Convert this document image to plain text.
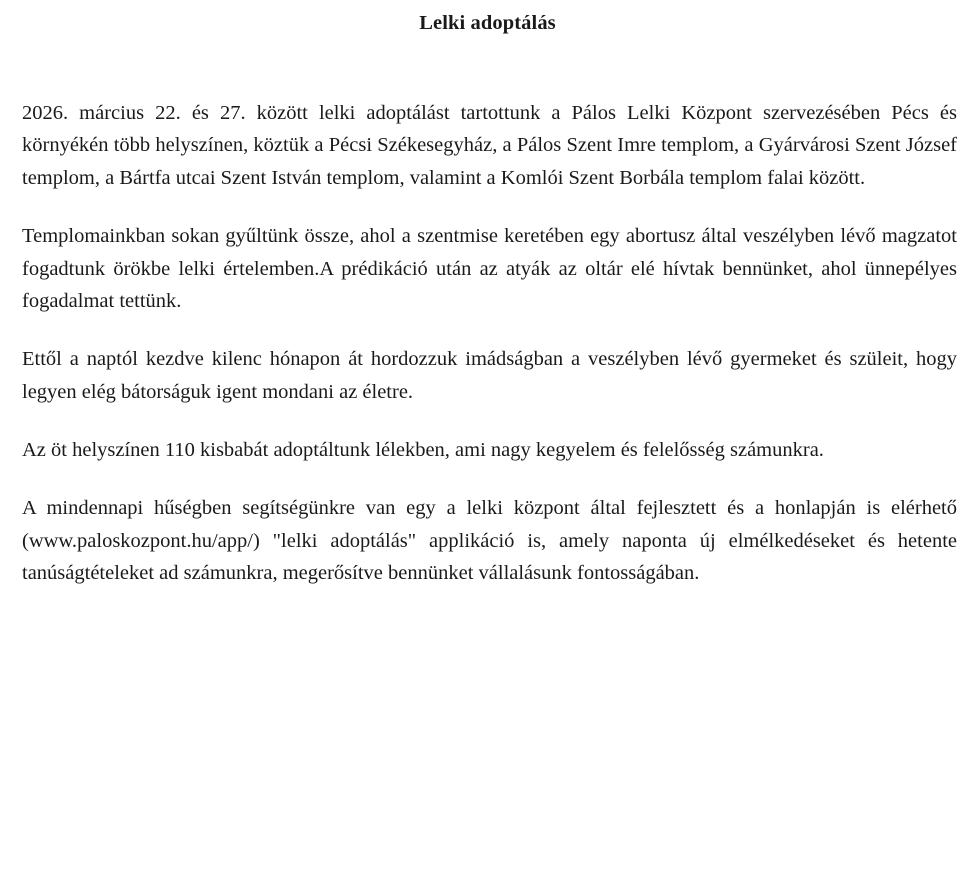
Lelki adoptálás

2026. március 22. és 27. között lelki adoptálást tartottunk a Pálos Lelki Központ szervezésében Pécs és környékén több helyszínen, köztük a Pécsi Székesegyház, a Pálos Szent Imre templom, a Gyárvárosi Szent József templom, a Bártfa utcai Szent István templom, valamint a Komlói Szent Borbála templom falai között.

Templomainkban sokan gyűltünk össze, ahol a szentmise keretében egy abortusz által veszélyben lévő magzatot fogadtunk örökbe lelki értelemben.A prédikáció után az atyák az oltár elé hívtak bennünket, ahol ünnepélyes fogadalmat tettünk.

Ettől a naptól kezdve kilenc hónapon át hordozzuk imádságban a veszélyben lévő gyermeket és szüleit, hogy legyen elég bátorságuk igent mondani az életre.

Az öt helyszínen 110 kisbabát adoptáltunk lélekben, ami nagy kegyelem és felelősség számunkra.

A mindennapi hűségben segítségünkre van egy a lelki központ által fejlesztett és a honlapján is elérhető (www.paloskozpont.hu/app/) "lelki adoptálás" applikáció is, amely naponta új elmélkedéseket és hetente tanúságtételeket ad számunkra, megerősítve bennünket vállalásunk fontosságában.
